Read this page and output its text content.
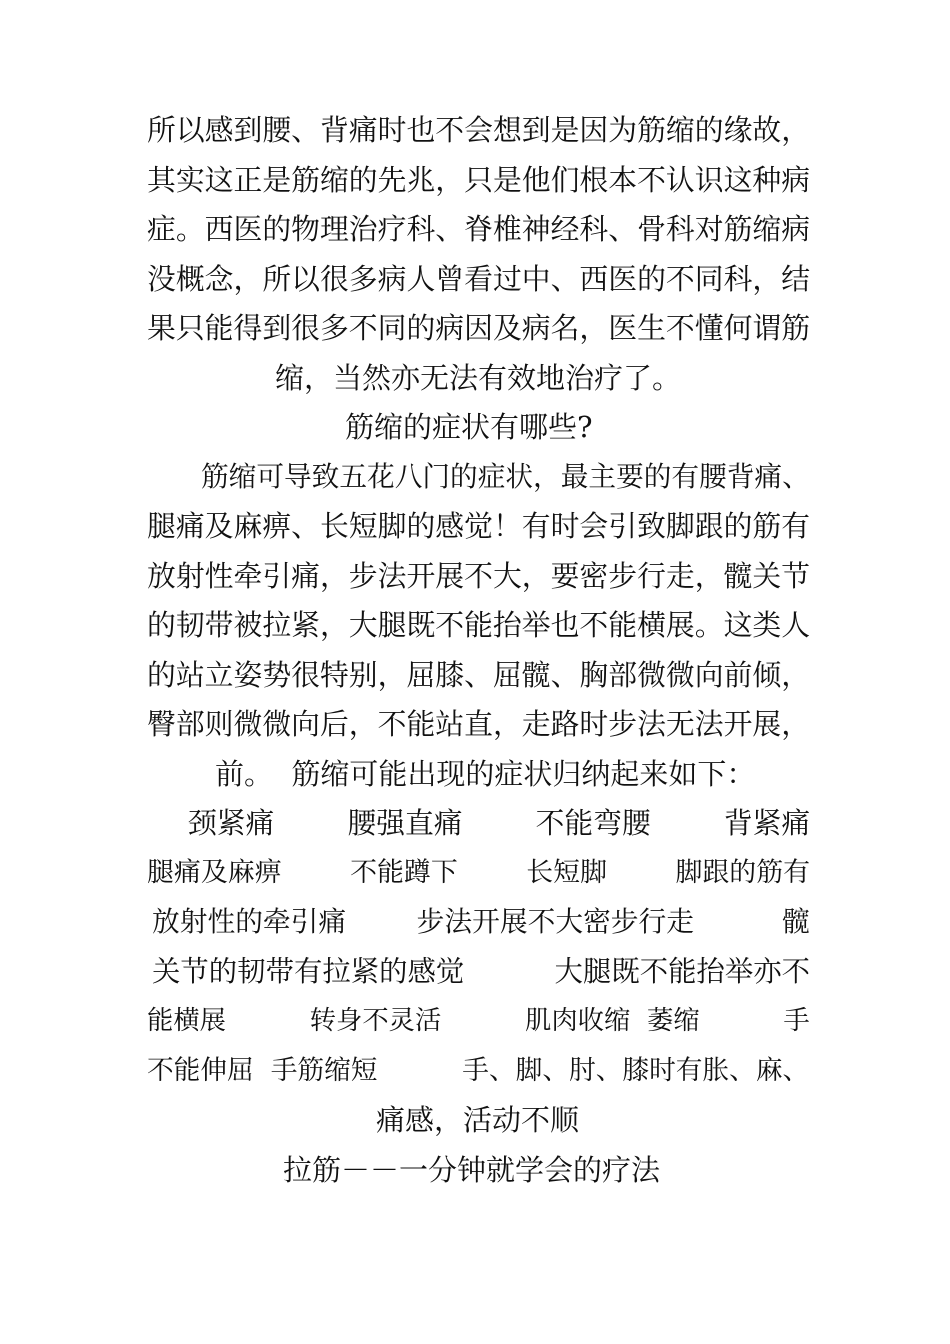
所以感到腰、背痛时也不会想到是因为筋缩的缘故，
其实这正是筋缩的先兆，只是他们根本不认识这种病
症。西医的物理治疗科、脊椎神经科、骨科对筋缩病
没概念，所以很多病人曾看过中、西医的不同科，结
果只能得到很多不同的病因及病名，医生不懂何谓筋
缩，当然亦无法有效地治疗了。
筋缩的症状有哪些?
筋缩可导致五花八门的症状，最主要的有腰背痛、
腿痛及麻痹、长短脚的感觉！有时会引致脚跟的筋有
放射性牵引痛，步法开展不大，要密步行走，髋关节
的韧带被拉紧，大腿既不能抬举也不能横展。这类人
的站立姿势很特别，屈膝、屈髋、胸部微微向前倾，
臀部则微微向后，不能站直，走路时步法无法开展，
前。  筋缩可能出现的症状归纳起来如下：
颈紧痛        腰强直痛        不能弯腰        背紧痛
腿痛及麻痹        不能蹲下        长短脚        脚跟的筋有
放射性的牵引痛        步法开展不大密步行走          髋
关节的韧带有拉紧的感觉          大腿既不能抬举亦不
能横展          转身不灵活          肌肉收缩  萎缩          手
不能伸屈  手筋缩短          手、脚、肘、膝时有胀、麻、
痛感，活动不顺
拉筋－－一分钟就学会的疗法
